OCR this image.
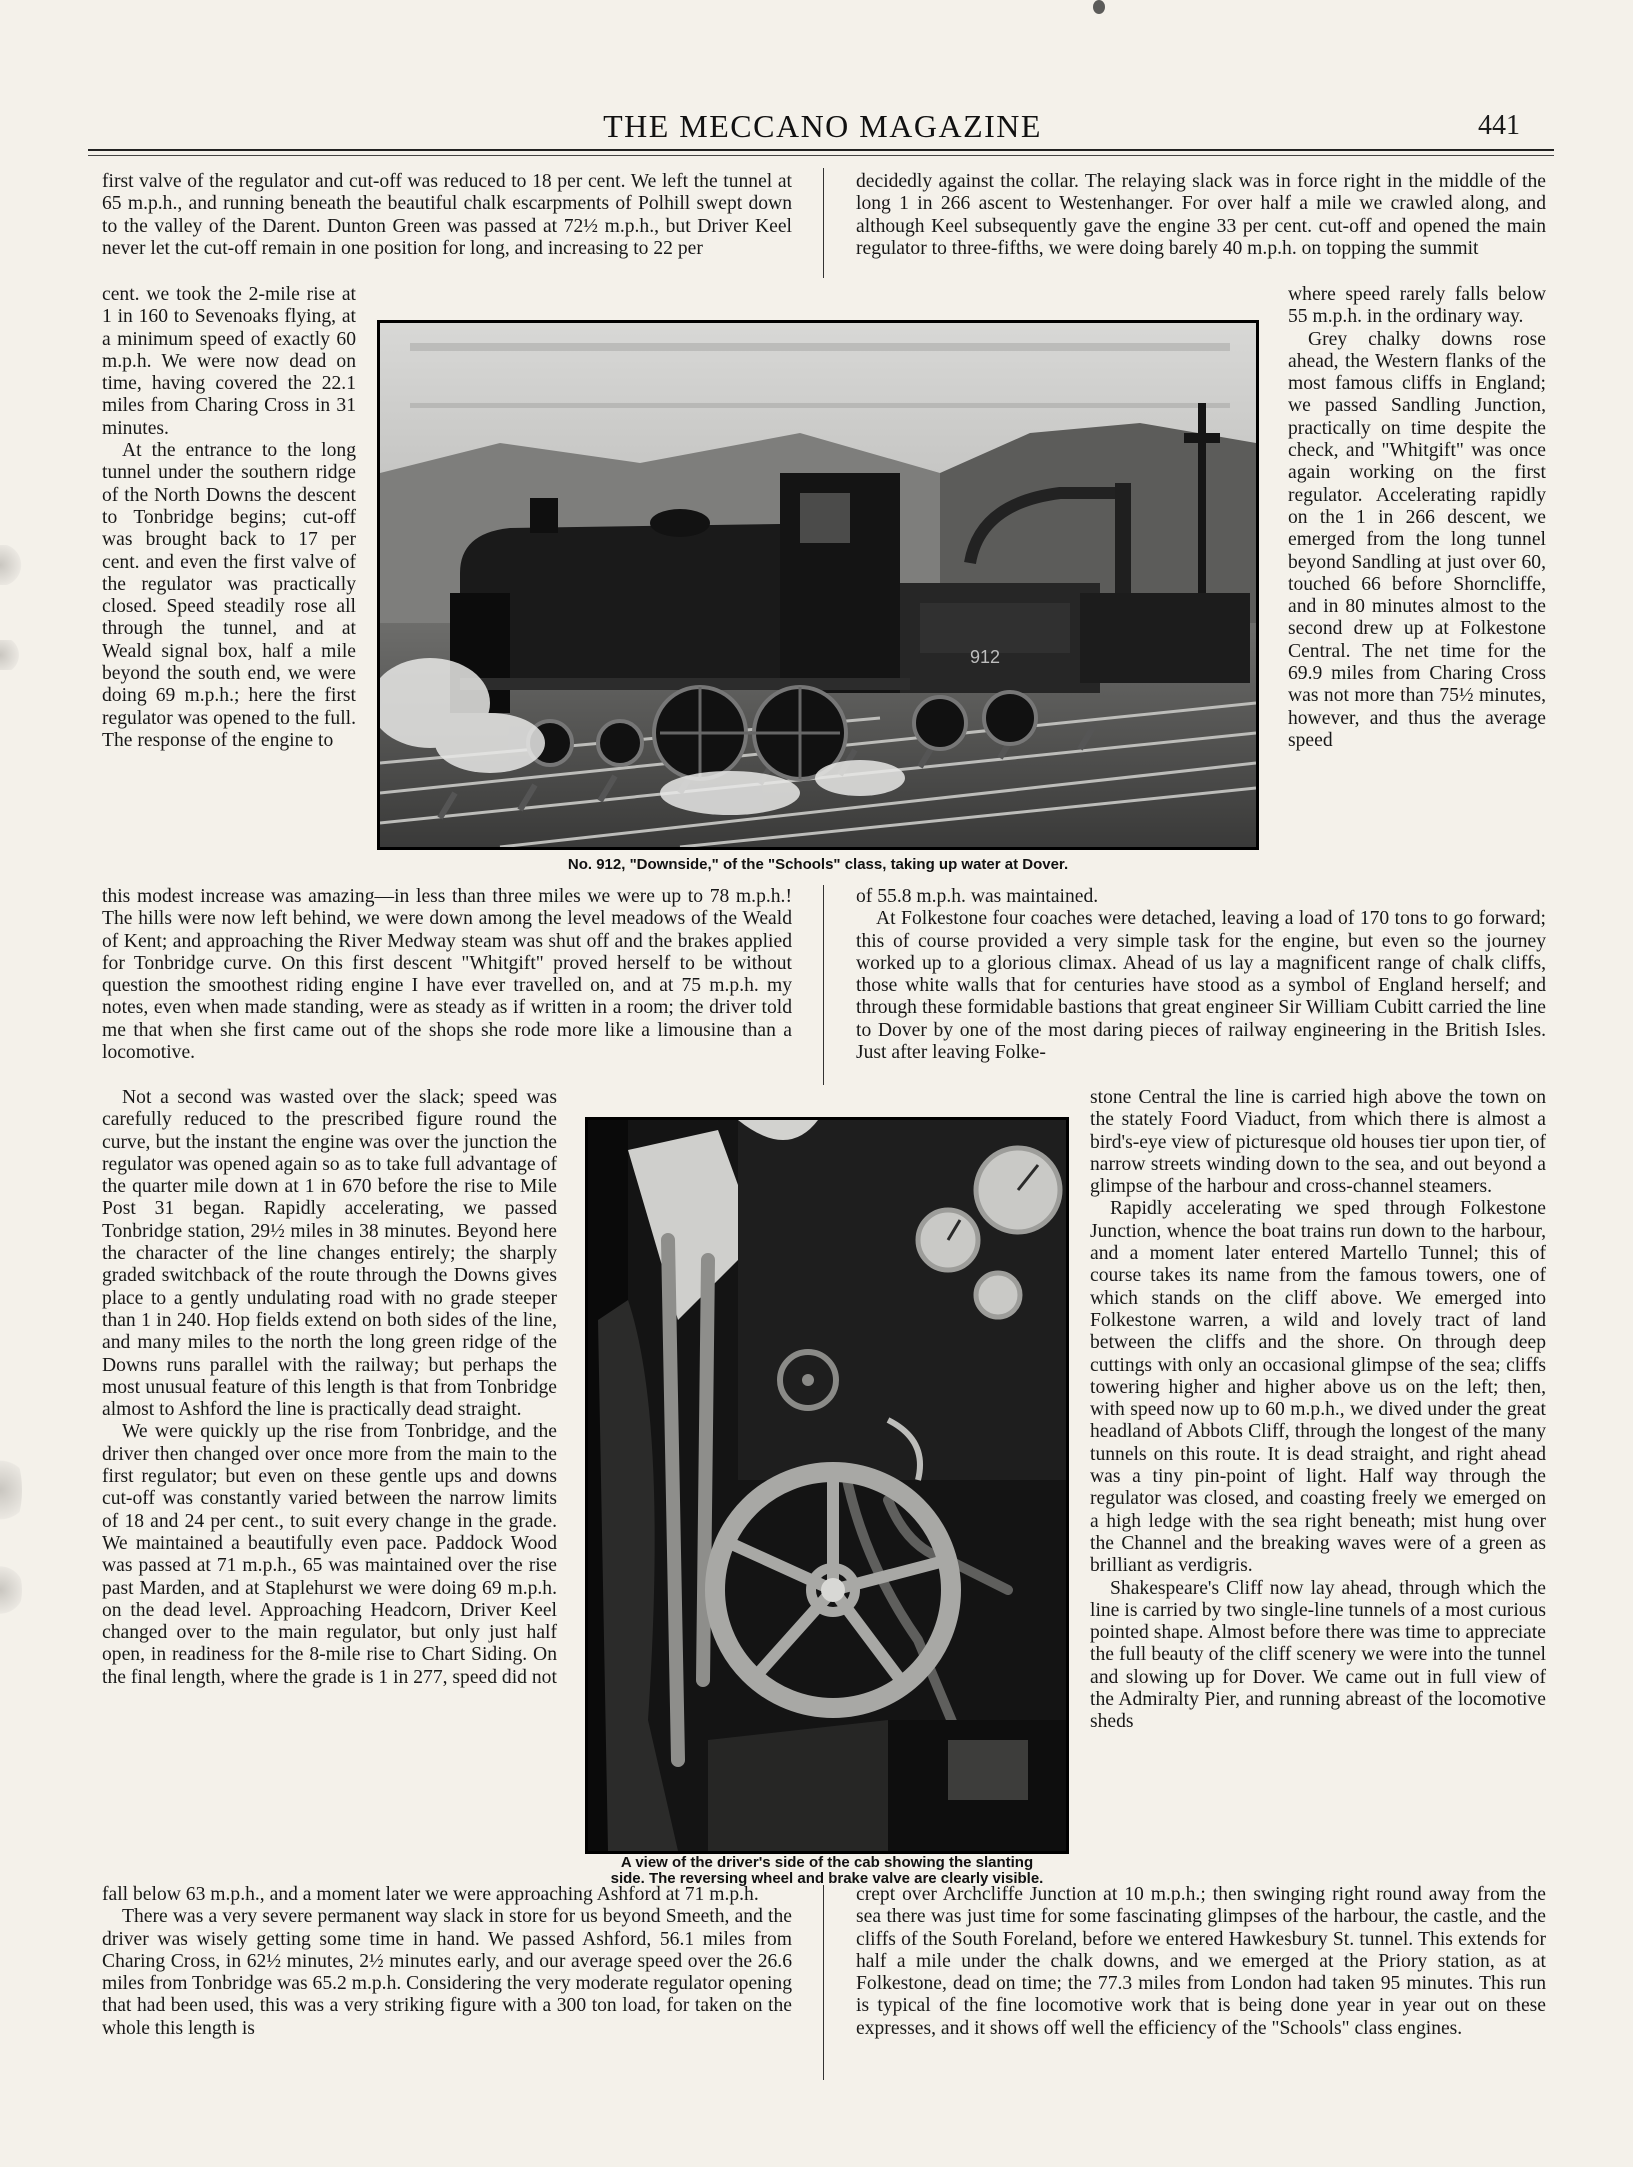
THE MECCANO MAGAZINE	441

first valve of the regulator and cut-off was reduced to 18 per cent. We left the tunnel at 65 m.p.h., and running beneath the beautiful chalk escarpments of Polhill swept down to the valley of the Darent. Dunton Green was passed at 72½ m.p.h., but Driver Keel never let the cut-off remain in one position for long, and increasing to 22 per

cent. we took the 2-mile rise at 1 in 160 to Sevenoaks flying, at a minimum speed of exactly 60 m.p.h. We were now dead on time, having covered the 22.1 miles from Charing Cross in 31 minutes.

At the entrance to the long tunnel under the southern ridge of the North Downs the descent to Tonbridge begins; cut-off was brought back to 17 per cent. and even the first valve of the regulator was practically closed. Speed steadily rose all through the tunnel, and at Weald signal box, half a mile beyond the south end, we were doing 69 m.p.h.; here the first regulator was opened to the full. The response of the engine to

this modest increase was amazing—in less than three miles we were up to 78 m.p.h.! The hills were now left behind, we were down among the level meadows of the Weald of Kent; and approaching the River Medway steam was shut off and the brakes applied for Tonbridge curve. On this first descent "Whitgift" proved herself to be without question the smoothest riding engine I have ever travelled on, and at 75 m.p.h. my notes, even when made standing, were as steady as if written in a room; the driver told me that when she first came out of the shops she rode more like a limousine than a locomotive.

Not a second was wasted over the slack; speed was carefully reduced to the prescribed figure round the curve, but the instant the engine was over the junction the regulator was opened again so as to take full advantage of the quarter mile down at 1 in 670 before the rise to Mile Post 31 began. Rapidly accelerating, we passed Tonbridge station, 29½ miles in 38 minutes. Beyond here the character of the line changes entirely; the sharply graded switchback of the route through the Downs gives place to a gently undulating road with no grade steeper than 1 in 240. Hop fields extend on both sides of the line, and many miles to the north the long green ridge of the Downs runs parallel with the railway; but perhaps the most unusual feature of this length is that from Tonbridge almost to Ashford the line is practically dead straight.

We were quickly up the rise from Tonbridge, and the driver then changed over once more from the main to the first regulator; but even on these gentle ups and downs cut-off was constantly varied between the narrow limits of 18 and 24 per cent., to suit every change in the grade. We maintained a beautifully even pace. Paddock Wood was passed at 71 m.p.h., 65 was maintained over the rise past Marden, and at Staplehurst we were doing 69 m.p.h. on the dead level. Approaching Headcorn, Driver Keel changed over to the main regulator, but only just half open, in readiness for the 8-mile rise to Chart Siding. On the final length, where the grade is 1 in 277, speed did not

fall below 63 m.p.h., and a moment later we were approaching Ashford at 71 m.p.h.

There was a very severe permanent way slack in store for us beyond Smeeth, and the driver was wisely getting some time in hand. We passed Ashford, 56.1 miles from Charing Cross, in 62½ minutes, 2½ minutes early, and our average speed over the 26.6 miles from Tonbridge was 65.2 m.p.h. Considering the very moderate regulator opening that had been used, this was a very striking figure with a 300 ton load, for taken on the whole this length is

decidedly against the collar. The relaying slack was in force right in the middle of the long 1 in 266 ascent to Westenhanger. For over half a mile we crawled along, and although Keel subsequently gave the engine 33 per cent. cut-off and opened the main regulator to three-fifths, we were doing barely 40 m.p.h. on topping the summit

where speed rarely falls below 55 m.p.h. in the ordinary way.

Grey chalky downs rose ahead, the Western flanks of the most famous cliffs in England; we passed Sandling Junction, practically on time despite the check, and "Whitgift" was once again working on the first regulator. Accelerating rapidly on the 1 in 266 descent, we emerged from the long tunnel beyond Sandling at just over 60, touched 66 before Shorncliffe, and in 80 minutes almost to the second drew up at Folkestone Central. The net time for the 69.9 miles from Charing Cross was not more than 75½ minutes, however, and thus the average speed

of 55.8 m.p.h. was maintained.

At Folkestone four coaches were detached, leaving a load of 170 tons to go forward; this of course provided a very simple task for the engine, but even so the journey worked up to a glorious climax. Ahead of us lay a magnificent range of chalk cliffs, those white walls that for centuries have stood as a symbol of England herself; and through these formidable bastions that great engineer Sir William Cubitt carried the line to Dover by one of the most daring pieces of railway engineering in the British Isles. Just after leaving Folke-

stone Central the line is carried high above the town on the stately Foord Viaduct, from which there is almost a bird's-eye view of picturesque old houses tier upon tier, of narrow streets winding down to the sea, and out beyond a glimpse of the harbour and cross-channel steamers.

Rapidly accelerating we sped through Folkestone Junction, whence the boat trains run down to the harbour, and a moment later entered Martello Tunnel; this of course takes its name from the famous towers, one of which stands on the cliff above. We emerged into Folkestone warren, a wild and lovely tract of land between the cliffs and the shore. On through deep cuttings with only an occasional glimpse of the sea; cliffs towering higher and higher above us on the left; then, with speed now up to 60 m.p.h., we dived under the great headland of Abbots Cliff, through the longest of the many tunnels on this route. It is dead straight, and right ahead was a tiny pin-point of light. Half way through the regulator was closed, and coasting freely we emerged on a high ledge with the sea right beneath; mist hung over the Channel and the breaking waves were of a green as brilliant as verdigris.

Shakespeare's Cliff now lay ahead, through which the line is carried by two single-line tunnels of a most curious pointed shape. Almost before there was time to appreciate the full beauty of the cliff scenery we were into the tunnel and slowing up for Dover. We came out in full view of the Admiralty Pier, and running abreast of the locomotive sheds

crept over Archcliffe Junction at 10 m.p.h.; then swinging right round away from the sea there was just time for some fascinating glimpses of the harbour, the castle, and the cliffs of the South Foreland, before we entered Hawkesbury St. tunnel. This extends for half a mile under the chalk downs, and we emerged at the Priory station, as at Folkestone, dead on time; the 77.3 miles from London had taken 95 minutes. This run is typical of the fine locomotive work that is being done year in year out on these expresses, and it shows off well the efficiency of the "Schools" class engines.

912
No. 912, "Downside," of the "Schools" class, taking up water at Dover.
A view of the driver's side of the cab showing the slanting
side. The reversing wheel and brake valve are clearly visible.
